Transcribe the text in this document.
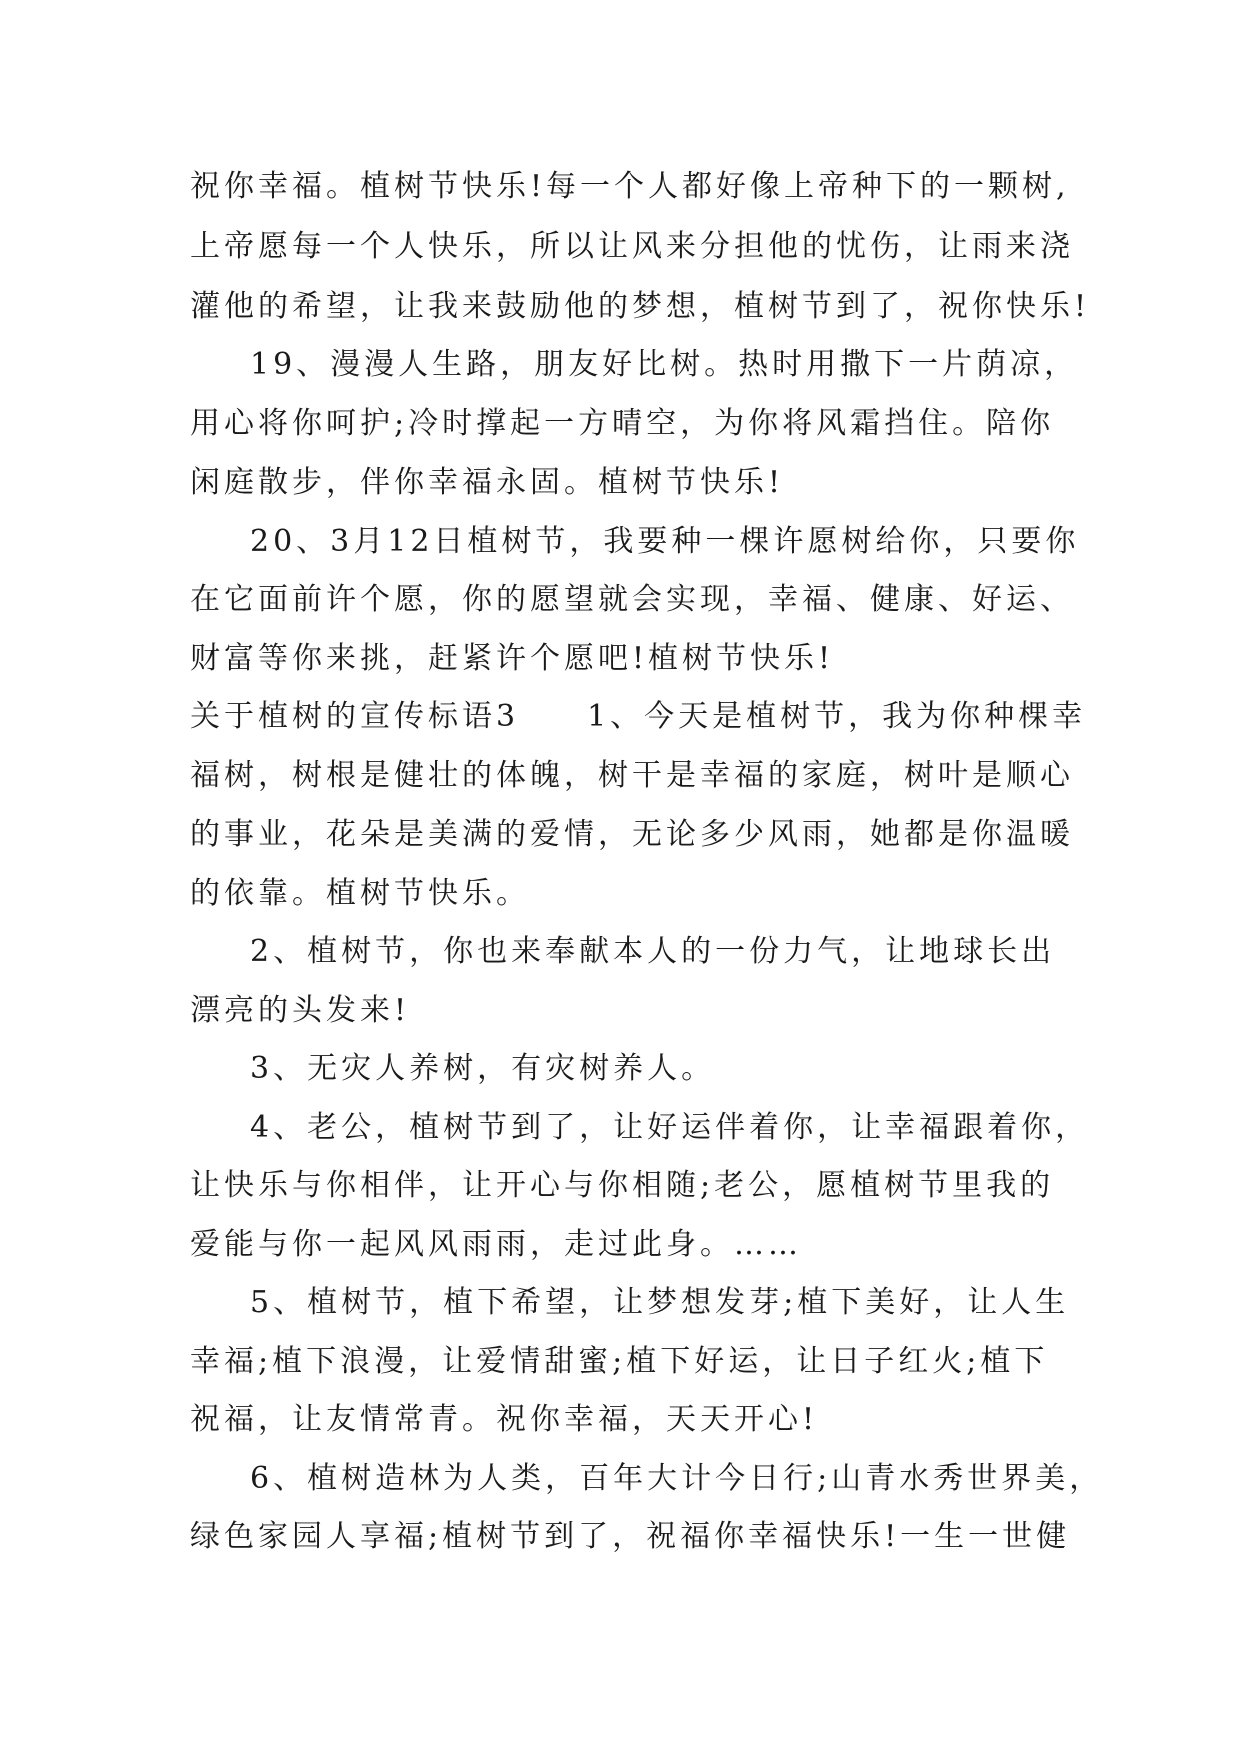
祝你幸福。植树节快乐!每一个人都好像上帝种下的一颗树,
上帝愿每一个人快乐，所以让风来分担他的忧伤，让雨来浇
灌他的希望，让我来鼓励他的梦想，植树节到了，祝你快乐!
19、漫漫人生路，朋友好比树。热时用撒下一片荫凉，
用心将你呵护;冷时撑起一方晴空，为你将风霜挡住。陪你
闲庭散步，伴你幸福永固。植树节快乐!
20、3月12日植树节，我要种一棵许愿树给你，只要你
在它面前许个愿，你的愿望就会实现，幸福、健康、好运、
财富等你来挑，赶紧许个愿吧!植树节快乐!
关于植树的宣传标语3　　1、今天是植树节，我为你种棵幸
福树，树根是健壮的体魄，树干是幸福的家庭，树叶是顺心
的事业，花朵是美满的爱情，无论多少风雨，她都是你温暖
的依靠。植树节快乐。
2、植树节，你也来奉献本人的一份力气，让地球长出
漂亮的头发来!
3、无灾人养树，有灾树养人。
4、老公，植树节到了，让好运伴着你，让幸福跟着你，
让快乐与你相伴，让开心与你相随;老公，愿植树节里我的
爱能与你一起风风雨雨，走过此身。……
5、植树节，植下希望，让梦想发芽;植下美好，让人生
幸福;植下浪漫，让爱情甜蜜;植下好运，让日子红火;植下
祝福，让友情常青。祝你幸福，天天开心!
6、植树造林为人类，百年大计今日行;山青水秀世界美，
绿色家园人享福;植树节到了，祝福你幸福快乐!一生一世健
